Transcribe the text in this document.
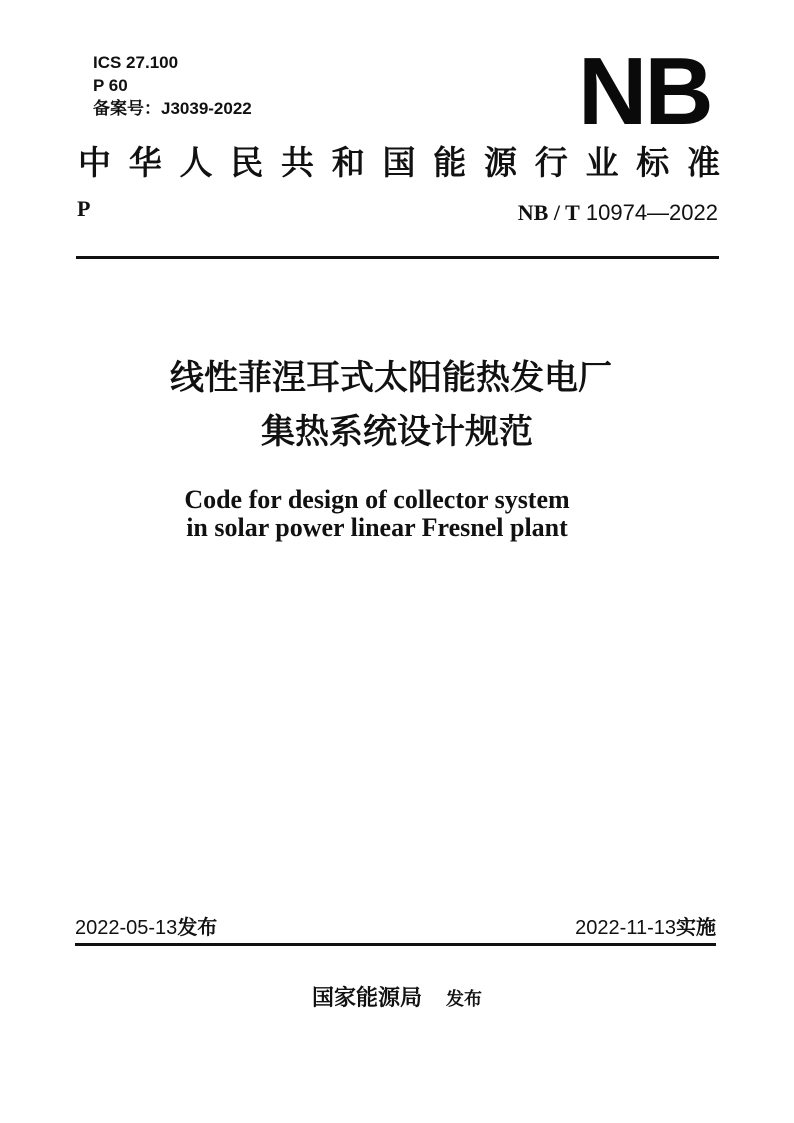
ICS 27.100
P 60
备案号：J3039-2022	NB
中 华 人 民 共 和 国 能 源 行 业 标 准
P	NB / T 10974—2022
线性菲涅耳式太阳能热发电厂
集热系统设计规范
Code for design of collector system
in solar power linear Fresnel plant
2022-05-13发布	2022-11-13实施
国家能源局 发布
